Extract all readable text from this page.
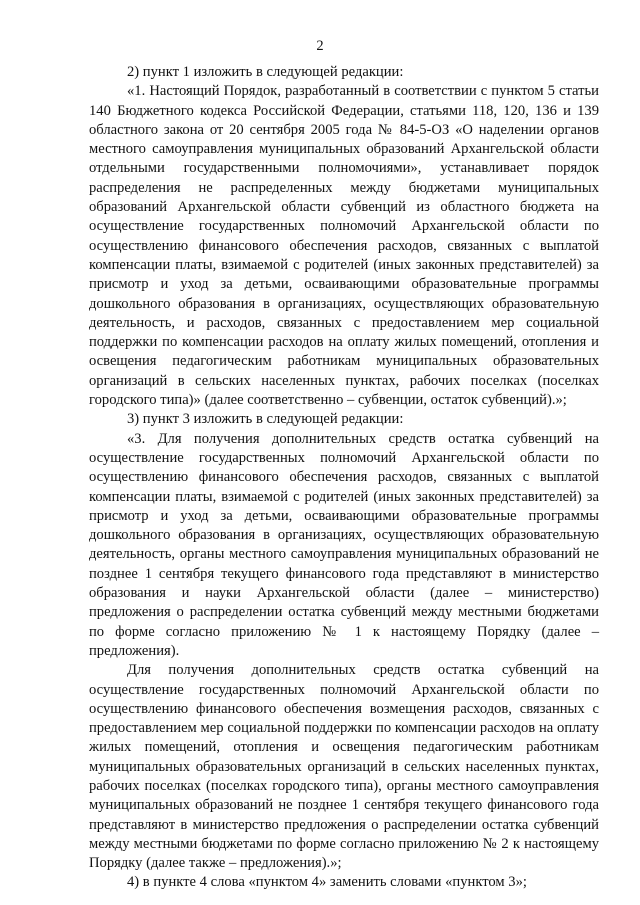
2

2) пункт 1 изложить в следующей редакции:

«1. Настоящий Порядок, разработанный в соответствии с пунктом 5 статьи 140 Бюджетного кодекса Российской Федерации, статьями 118, 120, 136 и 139 областного закона от 20 сентября 2005 года № 84-5-ОЗ «О наделении органов местного самоуправления муниципальных образований Архангельской области отдельными государственными полномочиями», устанавливает порядок распределения не распределенных между бюджетами муниципальных образований Архангельской области субвенций из областного бюджета на осуществление государственных полномочий Архангельской области по осуществлению финансового обеспечения расходов, связанных с выплатой компенсации платы, взимаемой с родителей (иных законных представителей) за присмотр и уход за детьми, осваивающими образовательные программы дошкольного образования в организациях, осуществляющих образовательную деятельность, и расходов, связанных с предоставлением мер социальной поддержки по компенсации расходов на оплату жилых помещений, отопления и освещения педагогическим работникам муниципальных образовательных организаций в сельских населенных пунктах, рабочих поселках (поселках городского типа)» (далее соответственно – субвенции, остаток субвенций).»;

3) пункт 3 изложить в следующей редакции:

«3. Для получения дополнительных средств остатка субвенций на осуществление государственных полномочий Архангельской области по осуществлению финансового обеспечения расходов, связанных с выплатой компенсации платы, взимаемой с родителей (иных законных представителей) за присмотр и уход за детьми, осваивающими образовательные программы дошкольного образования в организациях, осуществляющих образовательную деятельность, органы местного самоуправления муниципальных образований не позднее 1 сентября текущего финансового года представляют в министерство образования и науки Архангельской области (далее – министерство) предложения о распределении остатка субвенций между местными бюджетами по форме согласно приложению № 1 к настоящему Порядку (далее – предложения).

Для получения дополнительных средств остатка субвенций на осуществление государственных полномочий Архангельской области по осуществлению финансового обеспечения возмещения расходов, связанных с предоставлением мер социальной поддержки по компенсации расходов на оплату жилых помещений, отопления и освещения педагогическим работникам муниципальных образовательных организаций в сельских населенных пунктах, рабочих поселках (поселках городского типа), органы местного самоуправления муниципальных образований не позднее 1 сентября текущего финансового года представляют в министерство предложения о распределении остатка субвенций между местными бюджетами по форме согласно приложению № 2 к настоящему Порядку (далее также – предложения).»;

4) в пункте 4 слова «пунктом 4» заменить словами «пунктом 3»;
